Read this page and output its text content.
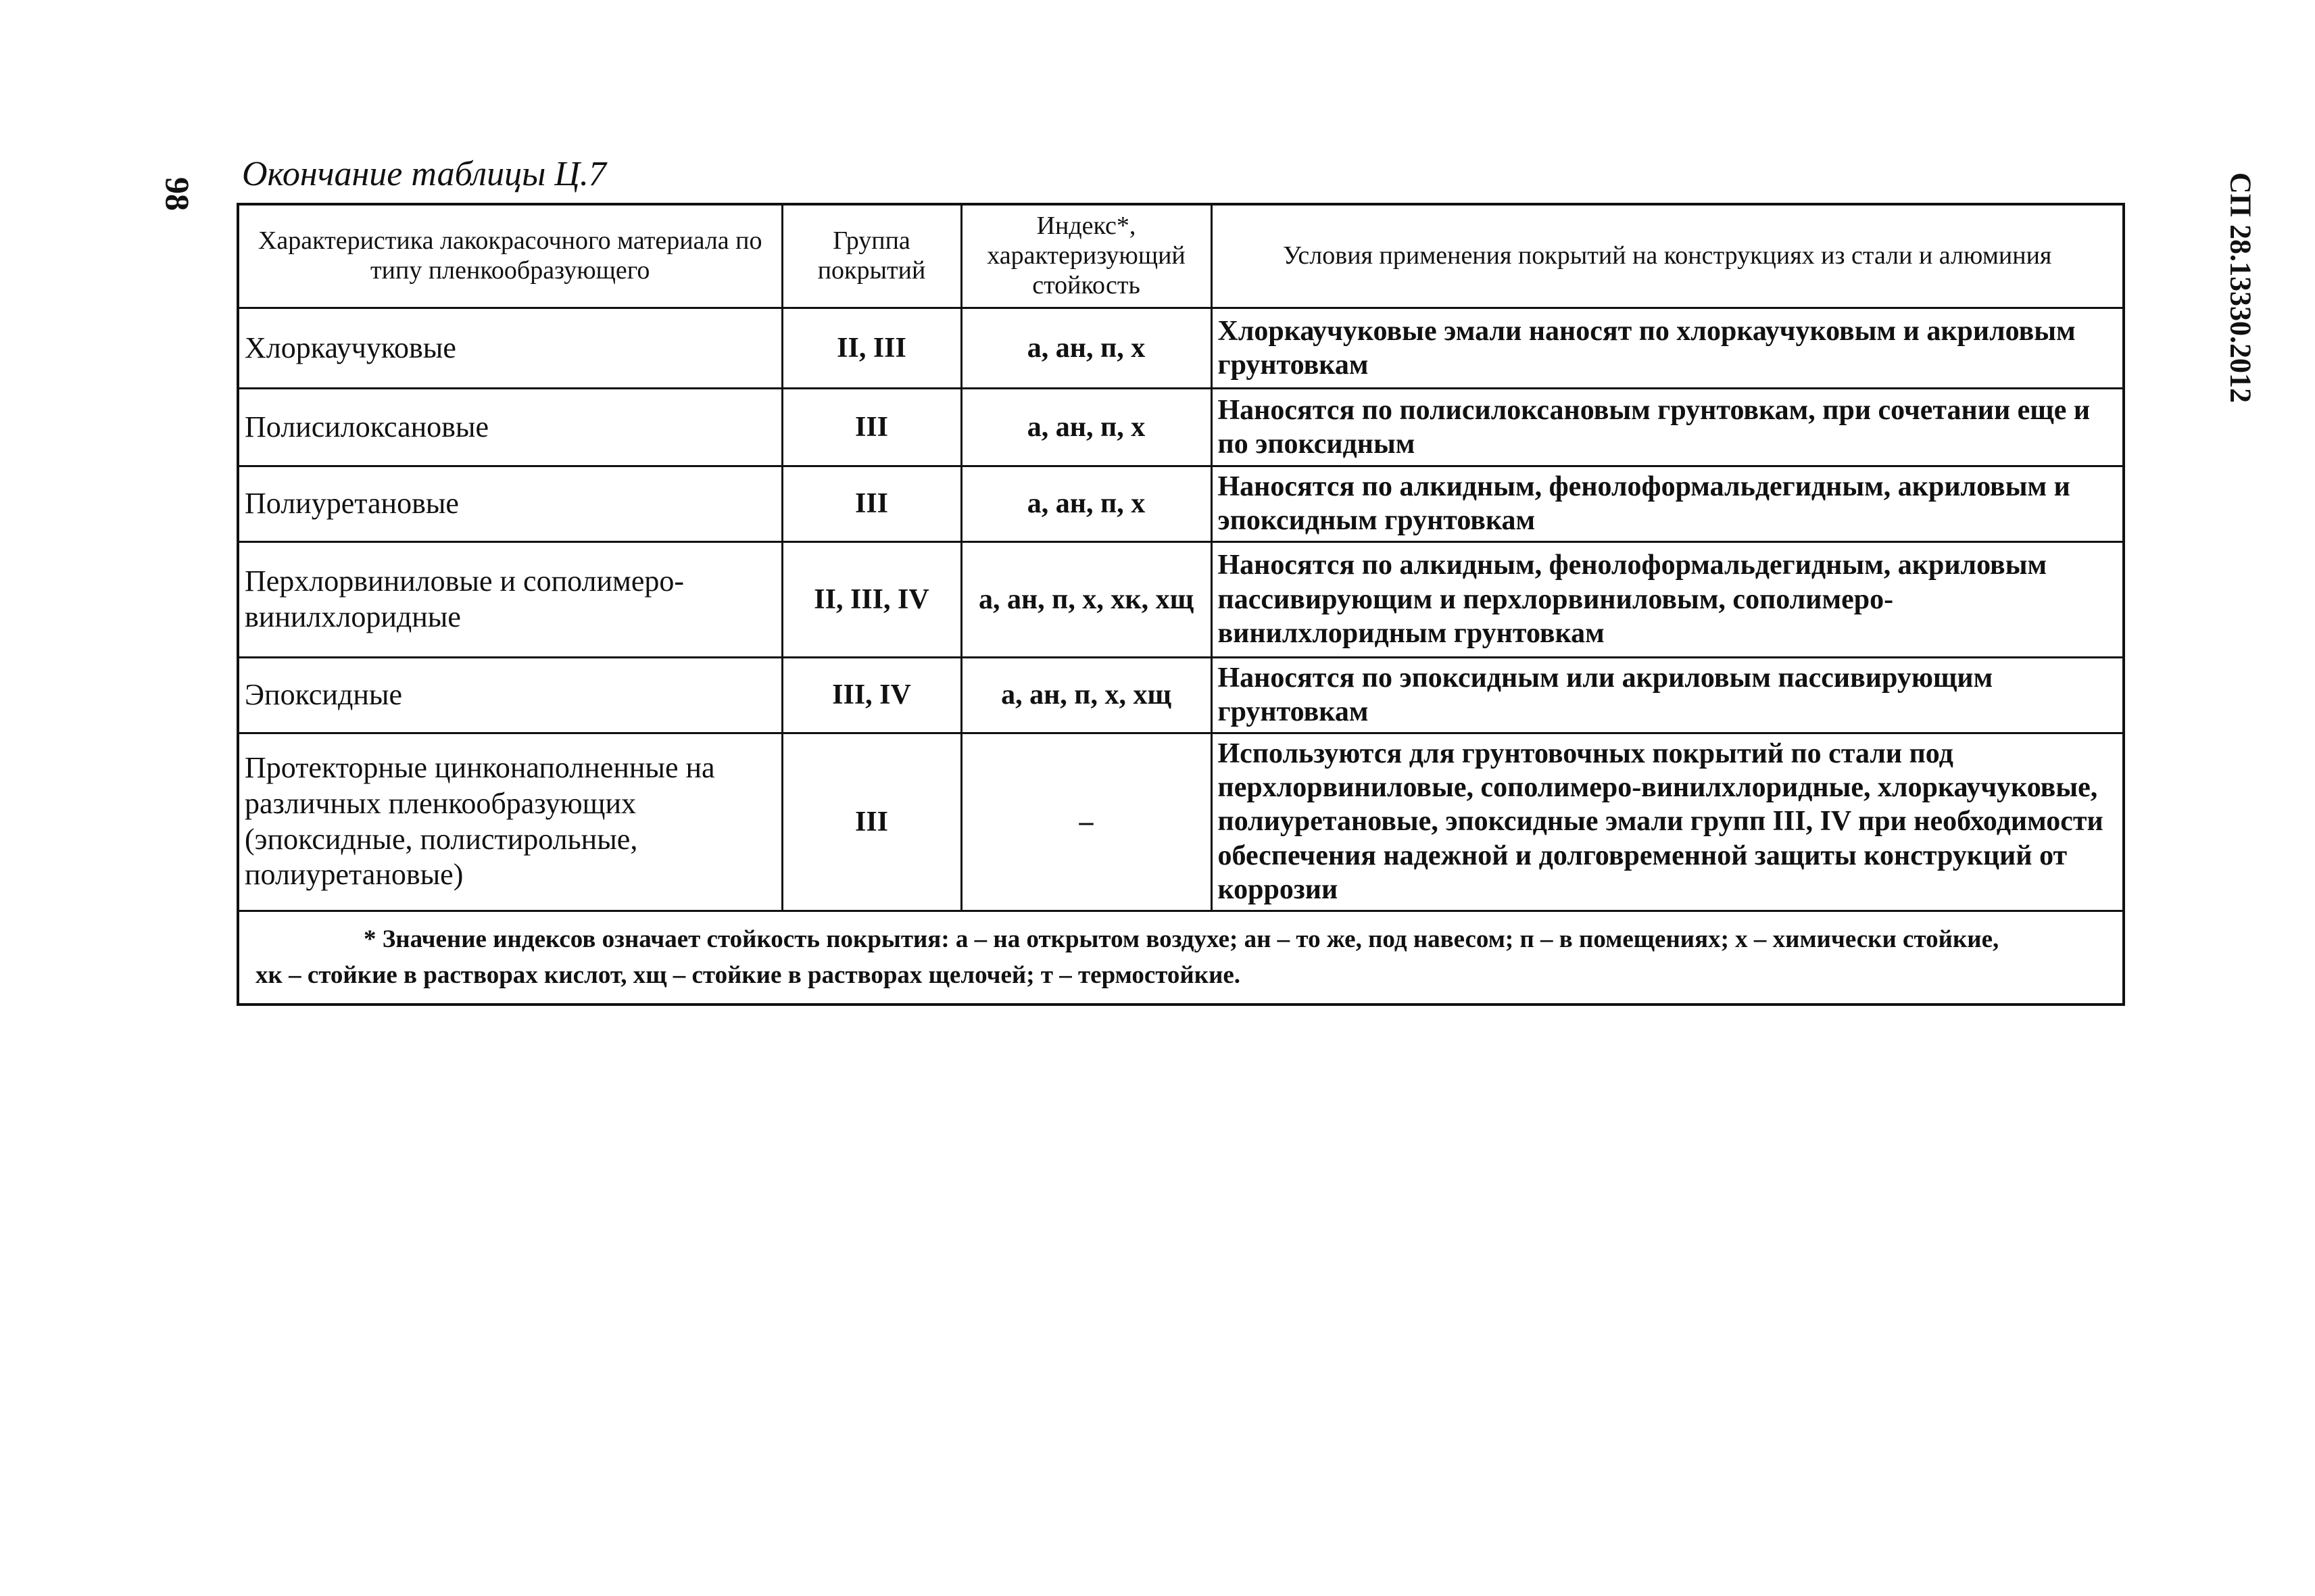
98	СП 28.13330.2012
Окончание таблицы Ц.7
Характеристика лакокрасочного материала по типу пленкообразующего	Группа покрытий	Индекс*, характеризующий стойкость	Условия применения покрытий на конструкциях из стали и алюминия
Хлоркаучуковые	II, III	а, ан, п, х	Хлоркаучуковые эмали наносят по хлоркаучуковым и акриловым грунтовкам
Полисилоксановые	III	а, ан, п, х	Наносятся по полисилоксановым грунтовкам, при сочетании еще и по эпоксидным
Полиуретановые	III	а, ан, п, х	Наносятся по алкидным, фенолоформальдегидным, акриловым и эпоксидным грунтовкам
Перхлорвиниловые и сополимеро-винилхлоридные	II, III, IV	а, ан, п, х, хк, хщ	Наносятся по алкидным, фенолоформальдегидным, акриловым пассивирующим и перхлорвиниловым, сополимеро-винилхлоридным грунтовкам
Эпоксидные	III, IV	а, ан, п, х, хщ	Наносятся по эпоксидным или акриловым пассивирующим грунтовкам
Протекторные цинконаполненные на различных пленкообразующих (эпоксидные, полистирольные, полиуретановые)	III	–	Используются для грунтовочных покрытий по стали под перхлорвиниловые, сополимеро-винилхлоридные, хлоркаучуковые, полиуретановые, эпоксидные эмали групп III, IV при необходимости обеспечения надежной и долговременной защиты конструкций от коррозии

* Значение индексов означает стойкость покрытия: а – на открытом воздухе; ан – то же, под навесом; п – в помещениях; х – химически стойкие,
хк – стойкие в растворах кислот, хщ – стойкие в растворах щелочей; т – термостойкие.			
